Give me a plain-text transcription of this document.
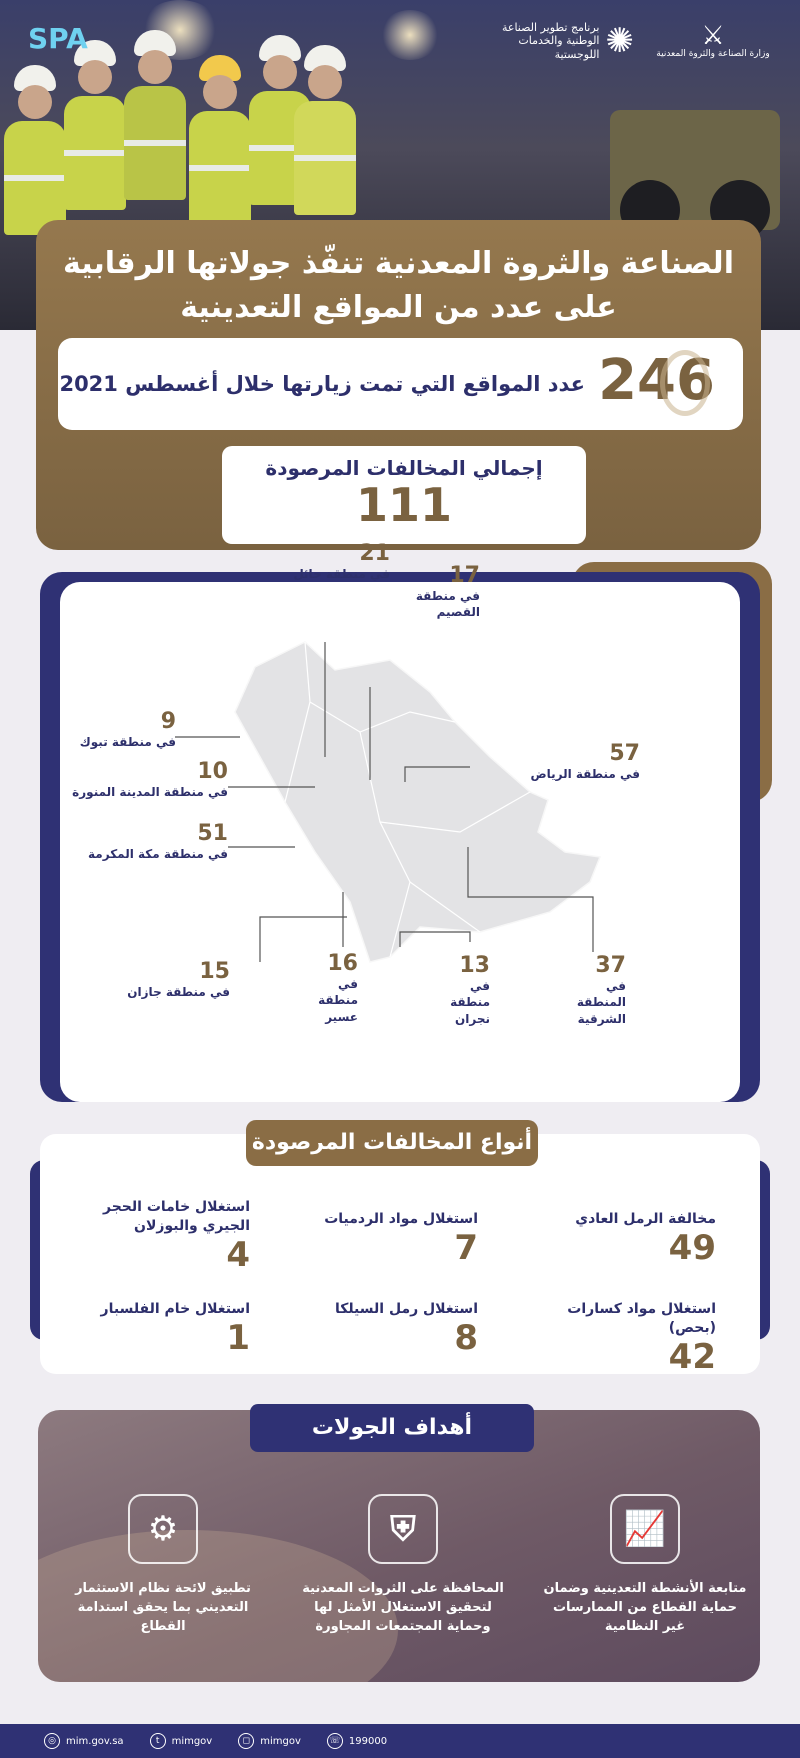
SPA	✺
برنامج تطوير الصناعة الوطنية والخدمات اللوجستية
⚔
وزارة الصناعة والثروة المعدنية
الصناعة والثروة المعدنية تنفّذ جولاتها الرقابية
على عدد من المواقع التعدينية
246
عدد المواقع التي تمت زيارتها خلال أغسطس 2021
إجمالي المخالفات المرصودة
111
21
في منطقة حائل	17
في منطقة القصيم
9
في منطقة تبوك	57
في منطقة الرياض
10
في منطقة المدينة المنورة
51
في منطقة مكة المكرمة
15
في منطقة جازان
16
في منطقة عسير
13
في منطقة نجران
37
في المنطقة الشرقية
مخالفة الرمل العادي
49
استغلال مواد الردميات
7
استغلال خامات الحجر الجيري والبوزلان
4
استغلال مواد كسارات (بحص)
42
استغلال رمل السيلكا
8
استغلال خام الفلسبار
1
أنواع المخالفات المرصودة
أهداف الجولات
📈
متابعة الأنشطة التعدينية وضمان حماية القطاع من الممارسات غير النظامية
⛨
المحافظة على الثروات المعدنية لتحقيق الاستغلال الأمثل لها وحماية المجتمعات المجاورة
⚙
تطبيق لائحة نظام الاستثمار التعديني بما يحقق استدامة القطاع
◎	mim.gov.sa	t	mimgov	◻	mimgov	☏ 199000
